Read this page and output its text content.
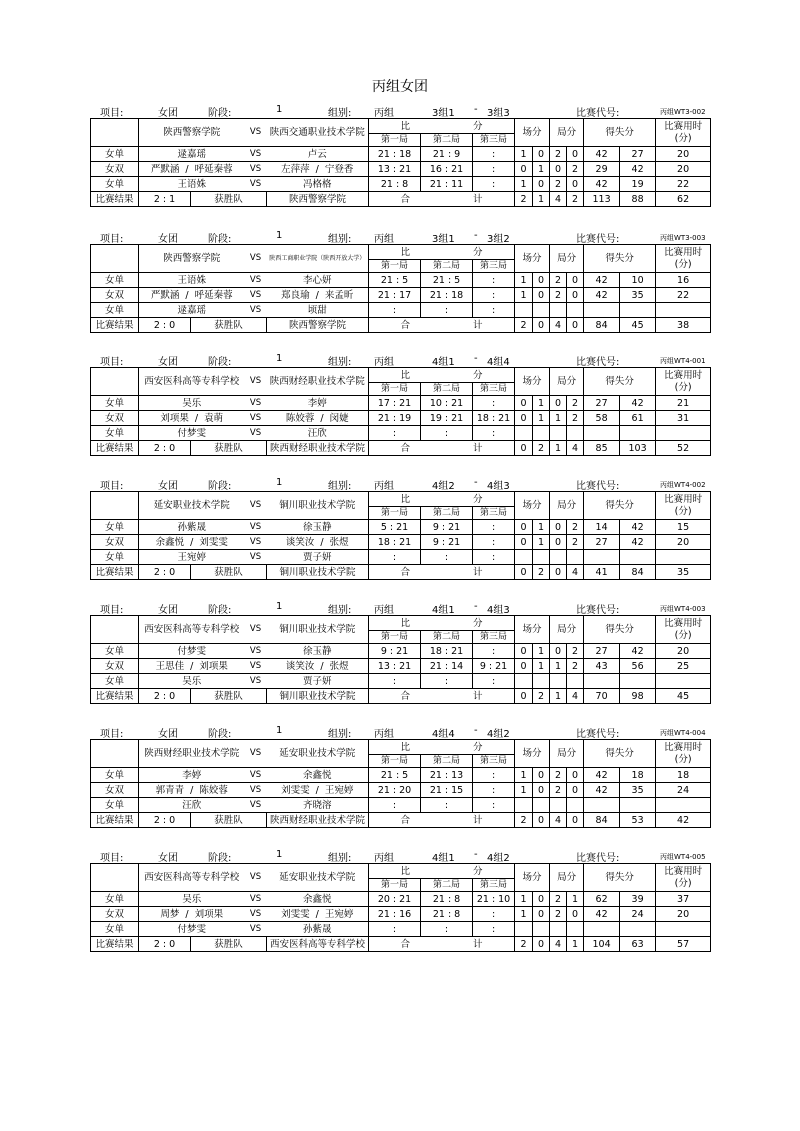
丙组女团
项目:	女团	阶段:	1	组别: 丙组	3组1 - 3组3	比赛代号:	丙组WT3-002
	陕西警察学院		VS	陕西交通职业技术学院	比 分			场分		局分		得失分		比赛用时(分)
					第一局	第二局	第三局							
女单	逯嘉瑶		VS	卢云	21 : 18	21 : 9	:	1	0	2	0	42	27	20
女双	严默涵 / 呼延秦蓉		VS	左萍萍 / 宁登香	13 : 21	16 : 21	:	0	1	0	2	29	42	20
女单	王语姝		VS	冯格格	21 : 8	21 : 11	:	1	0	2	0	42	19	22
比赛结果	2 : 1	获胜队		陕西警察学院	合 计			2	1	4	2	113	88	62
项目:	女团	阶段:	1	组别: 丙组	3组1 - 3组2	比赛代号:	丙组WT3-003
	陕西警察学院		VS	陕西工商职业学院（陕西开放大学）	比 分			场分		局分		得失分		比赛用时(分)
					第一局	第二局	第三局							
女单	王语姝		VS	李心妍	21 : 5	21 : 5	:	1	0	2	0	42	10	16
女双	严默涵 / 呼延秦蓉		VS	郑良瑜 / 来孟昕	21 : 17	21 : 18	:	1	0	2	0	42	35	22
女单	逯嘉瑶		VS	顷甜	:	:	:							

比赛结果	2 : 0	获胜队		陕西警察学院	合 计			2	0	4	0	84	45	38
项目:	女团	阶段:	1	组别: 丙组	4组1 - 4组4	比赛代号:	丙组WT4-001
	西安医科高等专科学校		VS	陕西财经职业技术学院	比 分			场分		局分		得失分		比赛用时(分)
					第一局	第二局	第三局							
女单	吴乐		VS	李婷	17 : 21	10 : 21	:	0	1	0	2	27	42	21
女双	刘项果 / 袁萌		VS	陈姣蓉 / 闵婕	21 : 19	19 : 21	18 : 21	0	1	1	2	58	61	31
女单	付梦雯		VS	汪欣	:	:	:							

比赛结果	2 : 0	获胜队		陕西财经职业技术学院	合 计			0	2	1	4	85	103	52
项目:	女团	阶段:	1	组别: 丙组	4组2 - 4组3	比赛代号:	丙组WT4-002
	延安职业技术学院		VS	铜川职业技术学院	比 分			场分		局分		得失分		比赛用时(分)
					第一局	第二局	第三局							
女单	孙紫晟		VS	徐玉静	5 : 21	9 : 21	:	0	1	0	2	14	42	15
女双	余鑫悦 / 刘雯雯		VS	谈笑汝 / 张煜	18 : 21	9 : 21	:	0	1	0	2	27	42	20
女单	王宛婷		VS	贾子妍	:	:	:							

比赛结果	2 : 0	获胜队		铜川职业技术学院	合 计			0	2	0	4	41	84	35
项目:	女团	阶段:	1	组别: 丙组	4组1 - 4组3	比赛代号:	丙组WT4-003
	西安医科高等专科学校		VS	铜川职业技术学院	比 分			场分		局分		得失分		比赛用时(分)
					第一局	第二局	第三局							
女单	付梦雯		VS	徐玉静	9 : 21	18 : 21	:	0	1	0	2	27	42	20
女双	王思佳 / 刘项果		VS	谈笑汝 / 张煜	13 : 21	21 : 14	9 : 21	0	1	1	2	43	56	25
女单	吴乐		VS	贾子妍	:	:	:							

比赛结果	2 : 0	获胜队		铜川职业技术学院	合 计			0	2	1	4	70	98	45
项目:	女团	阶段:	1	组别: 丙组	4组4 - 4组2	比赛代号:	丙组WT4-004
	陕西财经职业技术学院		VS	延安职业技术学院	比 分			场分		局分		得失分		比赛用时(分)
					第一局	第二局	第三局							
女单	李婷		VS	余鑫悦	21 : 5	21 : 13	:	1	0	2	0	42	18	18
女双	郭青青 / 陈姣蓉		VS	刘雯雯 / 王宛婷	21 : 20	21 : 15	:	1	0	2	0	42	35	24
女单	汪欣		VS	齐晓溶	:	:	:							

比赛结果	2 : 0	获胜队		陕西财经职业技术学院	合 计			2	0	4	0	84	53	42
项目:	女团	阶段:	1	组别: 丙组	4组1 - 4组2	比赛代号:	丙组WT4-005
	西安医科高等专科学校		VS	延安职业技术学院	比 分			场分		局分		得失分		比赛用时(分)
					第一局	第二局	第三局							
女单	吴乐		VS	余鑫悦	20 : 21	21 : 8	21 : 10	1	0	2	1	62	39	37
女双	周梦 / 刘项果		VS	刘雯雯 / 王宛婷	21 : 16	21 : 8	:	1	0	2	0	42	24	20
女单	付梦雯		VS	孙紫晟	:	:	:							

比赛结果	2 : 0	获胜队		西安医科高等专科学校	合 计			2	0	4	1	104	63	57
